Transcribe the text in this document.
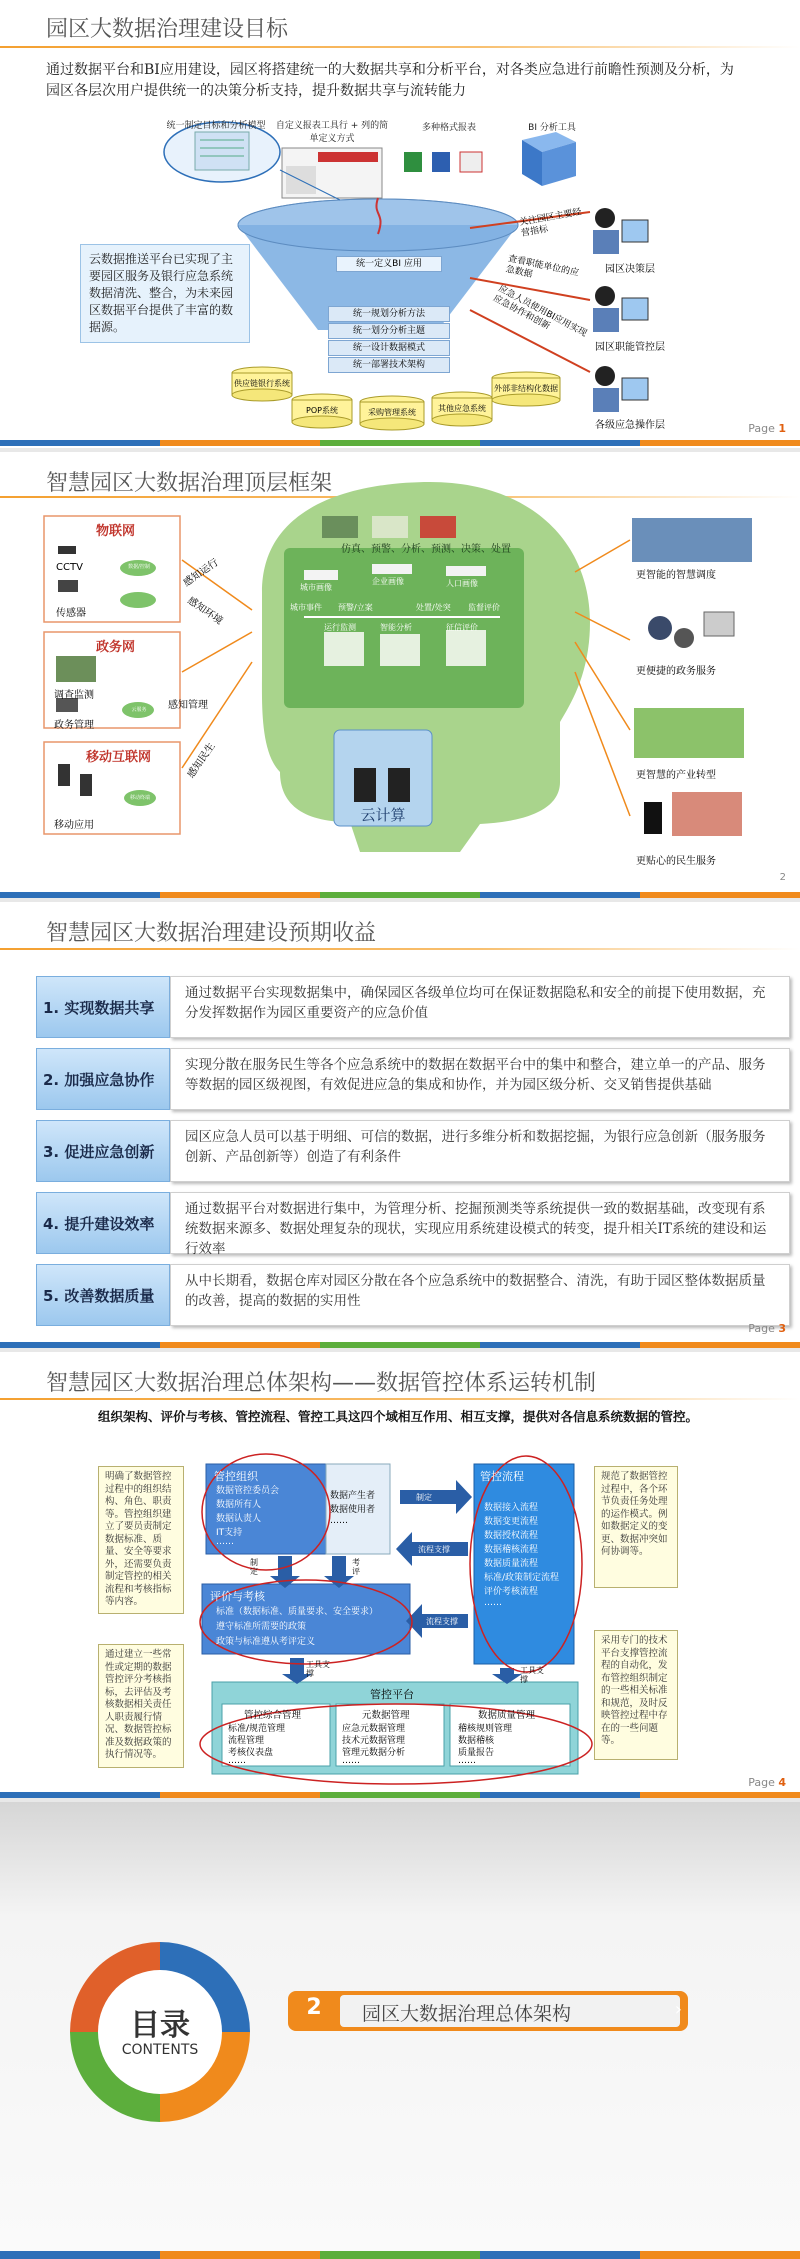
园区大数据治理建设目标
通过数据平台和BI应用建设，园区将搭建统一的大数据共享和分析平台，对各类应急进行前瞻性预测及分析，为园区各层次用户提供统一的决策分析支持，提升数据共享与流转能力
统一制定目标和分析模型	自定义报表工具行 + 列的简单定义方式
多种格式报表	BI 分析工具
云数据推送平台已实现了主要园区服务及银行应急系统数据清洗、整合，为未来园区数据平台提供了丰富的数据源。
统一定义BI 应用
统一规划分析方法
统一划分分析主题
统一设计数据模式
统一部署技术架构
供应链银行系统
POP系统	采购管理系统	其他应急系统
外部非结构化数据
关注园区主要经营指标
查看职能单位的应急数据
应急人员使用BI应用实现应急协作和创新
园区决策层
园区职能管控层
各级应急操作层	Page 1
智慧园区大数据治理顶层框架
物联网
CCTV
传感器
感知运行
感知环境
政务网
调查监测
政务管理
感知管理
移动互联网
移动应用
感知民生
数据/控制
云服务
移动终端
仿真、预警、分析、预测、决策、处置
城市画像
企业画像	人口画像
城市事件 预警/立案	处置/处突 监督评价
运行监测	智能分析	征信评价
云计算
更智能的智慧调度
更便捷的政务服务
更智慧的产业转型
更贴心的民生服务
2
智慧园区大数据治理建设预期收益
1. 实现数据共享
通过数据平台实现数据集中，确保园区各级单位均可在保证数据隐私和安全的前提下使用数据，充分发挥数据作为园区重要资产的应急价值
2. 加强应急协作
实现分散在服务民生等各个应急系统中的数据在数据平台中的集中和整合，建立单一的产品、服务等数据的园区级视图，有效促进应急的集成和协作，并为园区级分析、交叉销售提供基础
3. 促进应急创新
园区应急人员可以基于明细、可信的数据，进行多维分析和数据挖掘，为银行应急创新（服务服务创新、产品创新等）创造了有利条件
4. 提升建设效率
通过数据平台对数据进行集中，为管理分析、挖掘预测类等系统提供一致的数据基础，改变现有系统数据来源多、数据处理复杂的现状，实现应用系统建设模式的转变，提升相关IT系统的建设和运行效率
5. 改善数据质量
从中长期看，数据仓库对园区分散在各个应急系统中的数据整合、清洗，有助于园区整体数据质量的改善，提高的数据的实用性
Page 3
智慧园区大数据治理总体架构——数据管控体系运转机制
组织架构、评价与考核、管控流程、管控工具这四个域相互作用、相互支撑，提供对各信息系统数据的管控。
明确了数据管控过程中的组织结构、角色、职责等。管控组织建立了要员责制定数据标准、质量、安全等要求外，还需要负责制定管控的相关流程和考核指标等内容。
通过建立一些常性或定期的数据管控评分考核指标，去评估及考核数据相关责任人职责履行情况、数据管控标准及数据政策的执行情况等。
规范了数据管控过程中，各个环节负责任务处理的运作模式。例如数据定义的变更、数据冲突如何协调等。
采用专门的技术平台支撑管控流程的自动化，发布管控组织制定的一些相关标准和规范，及时反映管控过程中存在的一些问题等。
管控组织
数据管控委员会
数据所有人
数据认责人
IT支持
……
数据产生者
数据使用者
……
评价与考核
标准（数据标准、质量要求、安全要求）
遵守标准所需要的政策
政策与标准遵从考评定义
管控流程
数据接入流程
数据变更流程
数据授权流程
数据稽核流程
数据质量流程
标准/政策制定流程
评价考核流程
……
管控平台
管控综合管理
标准/规范管理
流程管理
考核仪表盘
……
元数据管理
应急元数据管理
技术元数据管理
管理元数据分析
……
数据质量管理
稽核规则管理
数据稽核
质量报告
……
制定
流程支撑
流程支撑
制定
考评
工具支撑	工具支撑
Page 4
目录
CONTENTS
2	园区大数据治理总体架构	›
